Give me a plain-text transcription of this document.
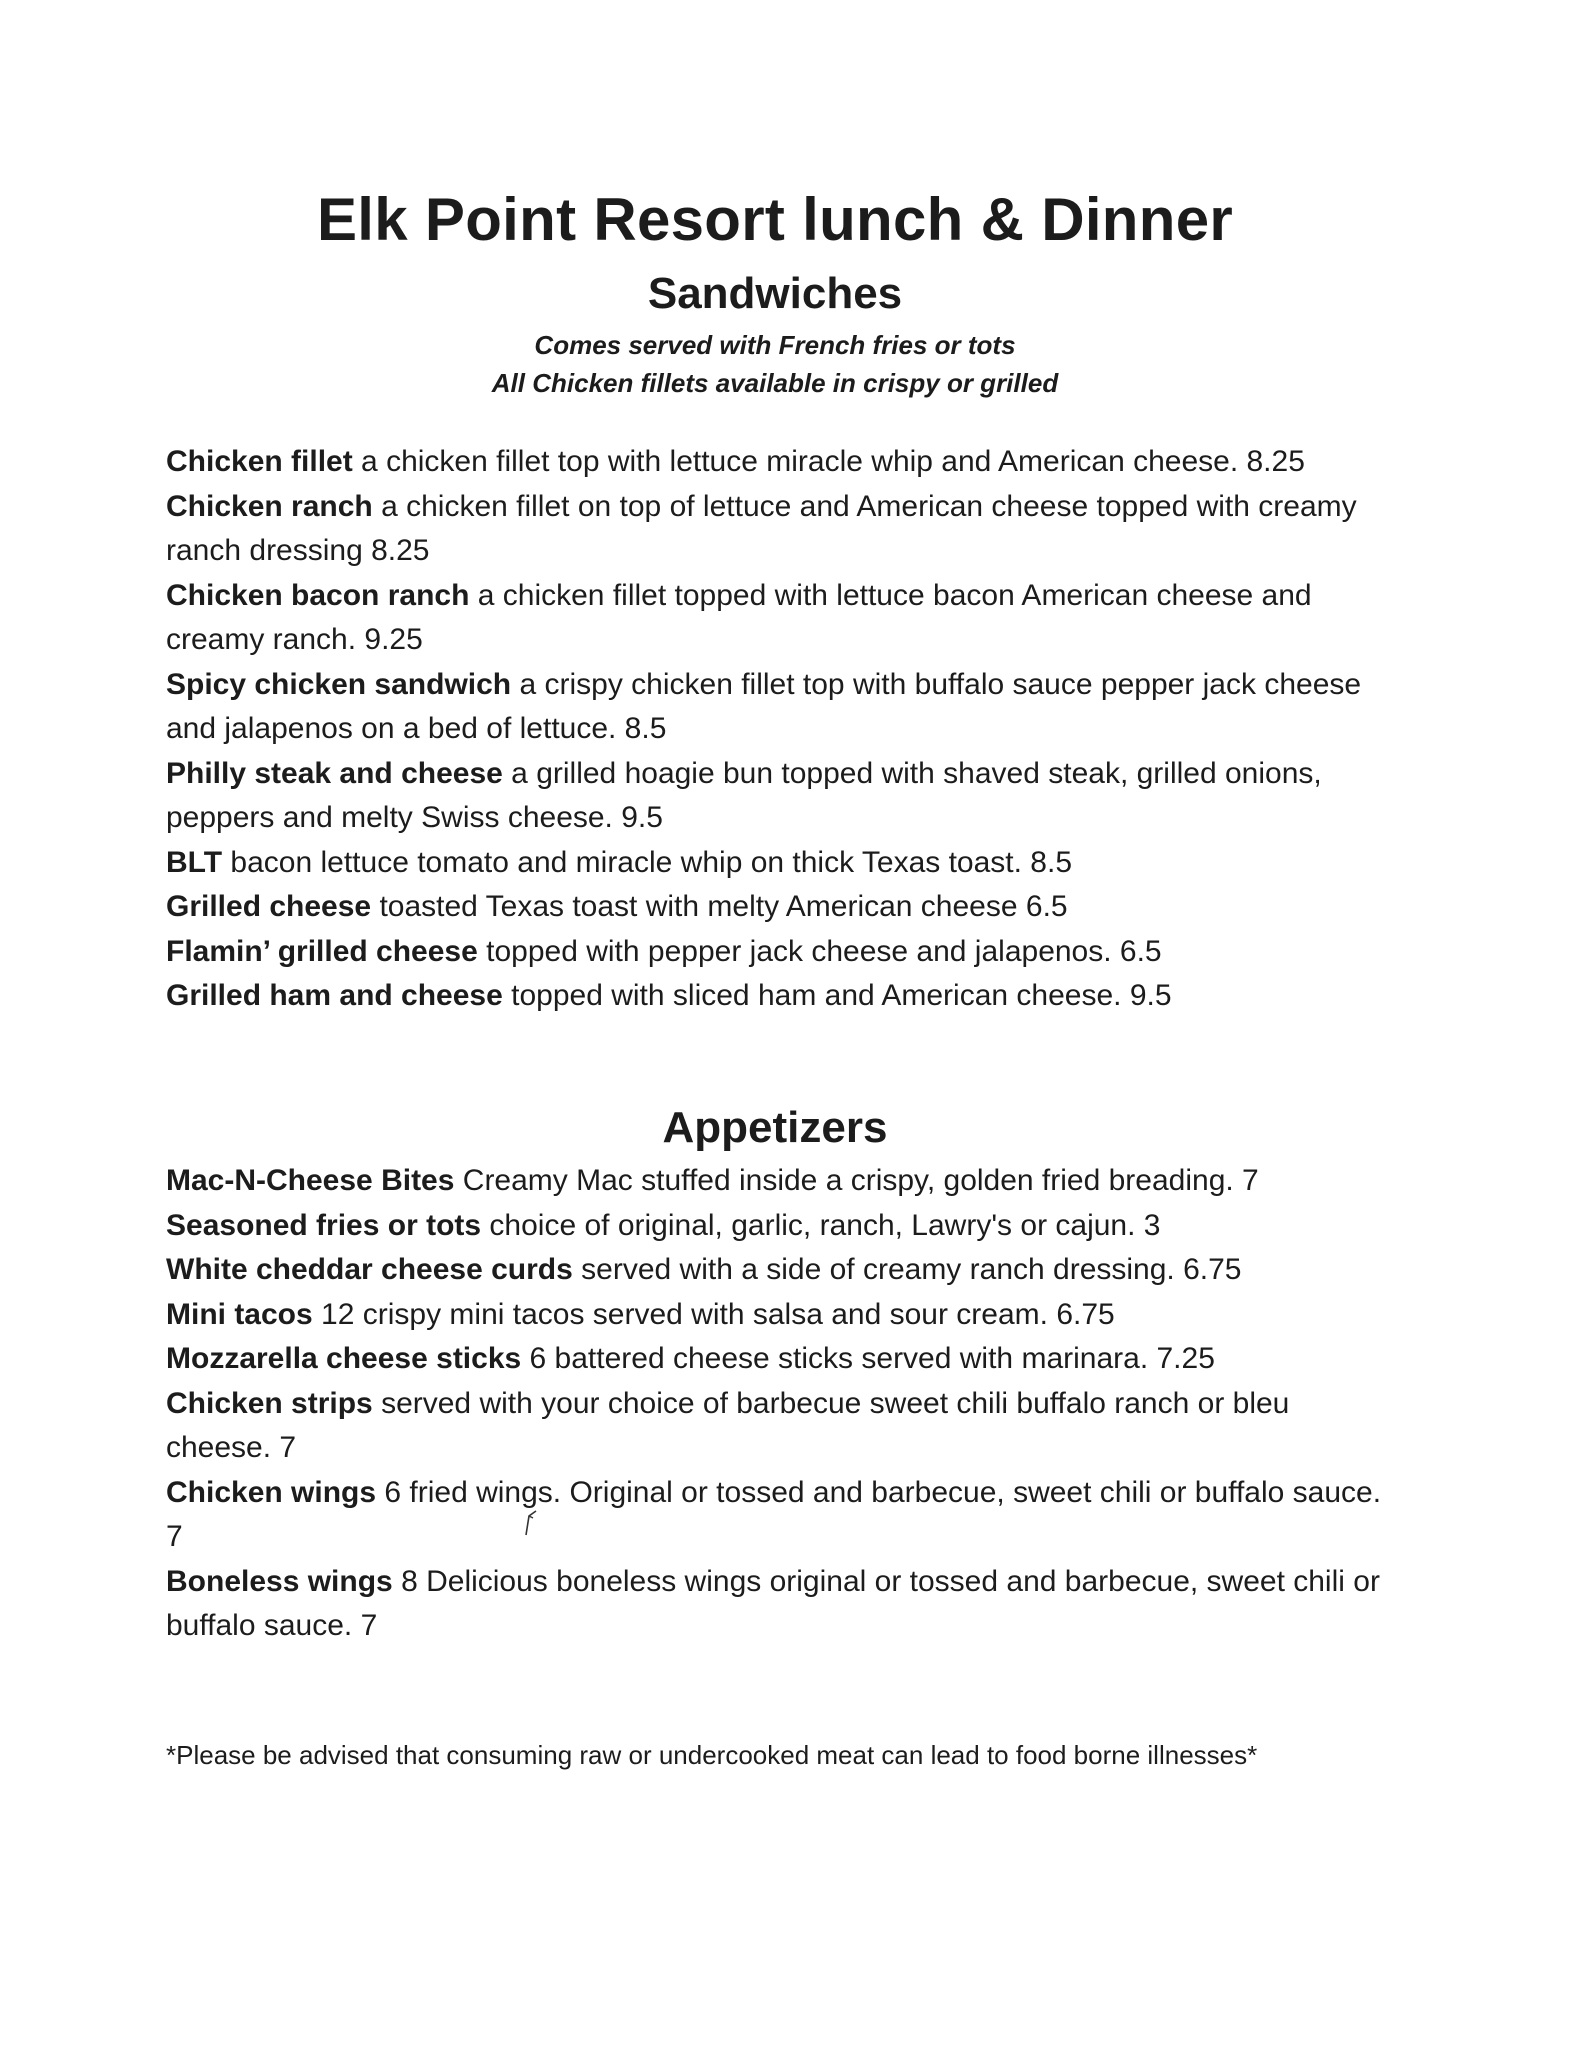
Elk Point Resort lunch & Dinner
Sandwiches
Comes served with French fries or tots
All Chicken fillets available in crispy or grilled
Chicken fillet a chicken fillet top with lettuce miracle whip and American cheese. 8.25
Chicken ranch a chicken fillet on top of lettuce and American cheese topped with creamy ranch dressing 8.25
Chicken bacon ranch a chicken fillet topped with lettuce bacon American cheese and creamy ranch. 9.25
Spicy chicken sandwich a crispy chicken fillet top with buffalo sauce pepper jack cheese and jalapenos on a bed of lettuce. 8.5
Philly steak and cheese a grilled hoagie bun topped with shaved steak, grilled onions, peppers and melty Swiss cheese. 9.5
BLT bacon lettuce tomato and miracle whip on thick Texas toast. 8.5
Grilled cheese toasted Texas toast with melty American cheese 6.5
Flamin’ grilled cheese topped with pepper jack cheese and jalapenos. 6.5
Grilled ham and cheese topped with sliced ham and American cheese. 9.5
Appetizers
Mac-N-Cheese Bites Creamy Mac stuffed inside a crispy, golden fried breading. 7
Seasoned fries or tots choice of original, garlic, ranch, Lawry's or cajun. 3
White cheddar cheese curds served with a side of creamy ranch dressing. 6.75
Mini tacos 12 crispy mini tacos served with salsa and sour cream. 6.75
Mozzarella cheese sticks 6 battered cheese sticks served with marinara. 7.25
Chicken strips served with your choice of barbecue sweet chili buffalo ranch or bleu cheese. 7
Chicken wings 6 fried wings. Original or tossed and barbecue, sweet chili or buffalo sauce. 7
Boneless wings 8 Delicious boneless wings original or tossed and barbecue, sweet chili or buffalo sauce. 7
*Please be advised that consuming raw or undercooked meat can lead to food borne illnesses*
